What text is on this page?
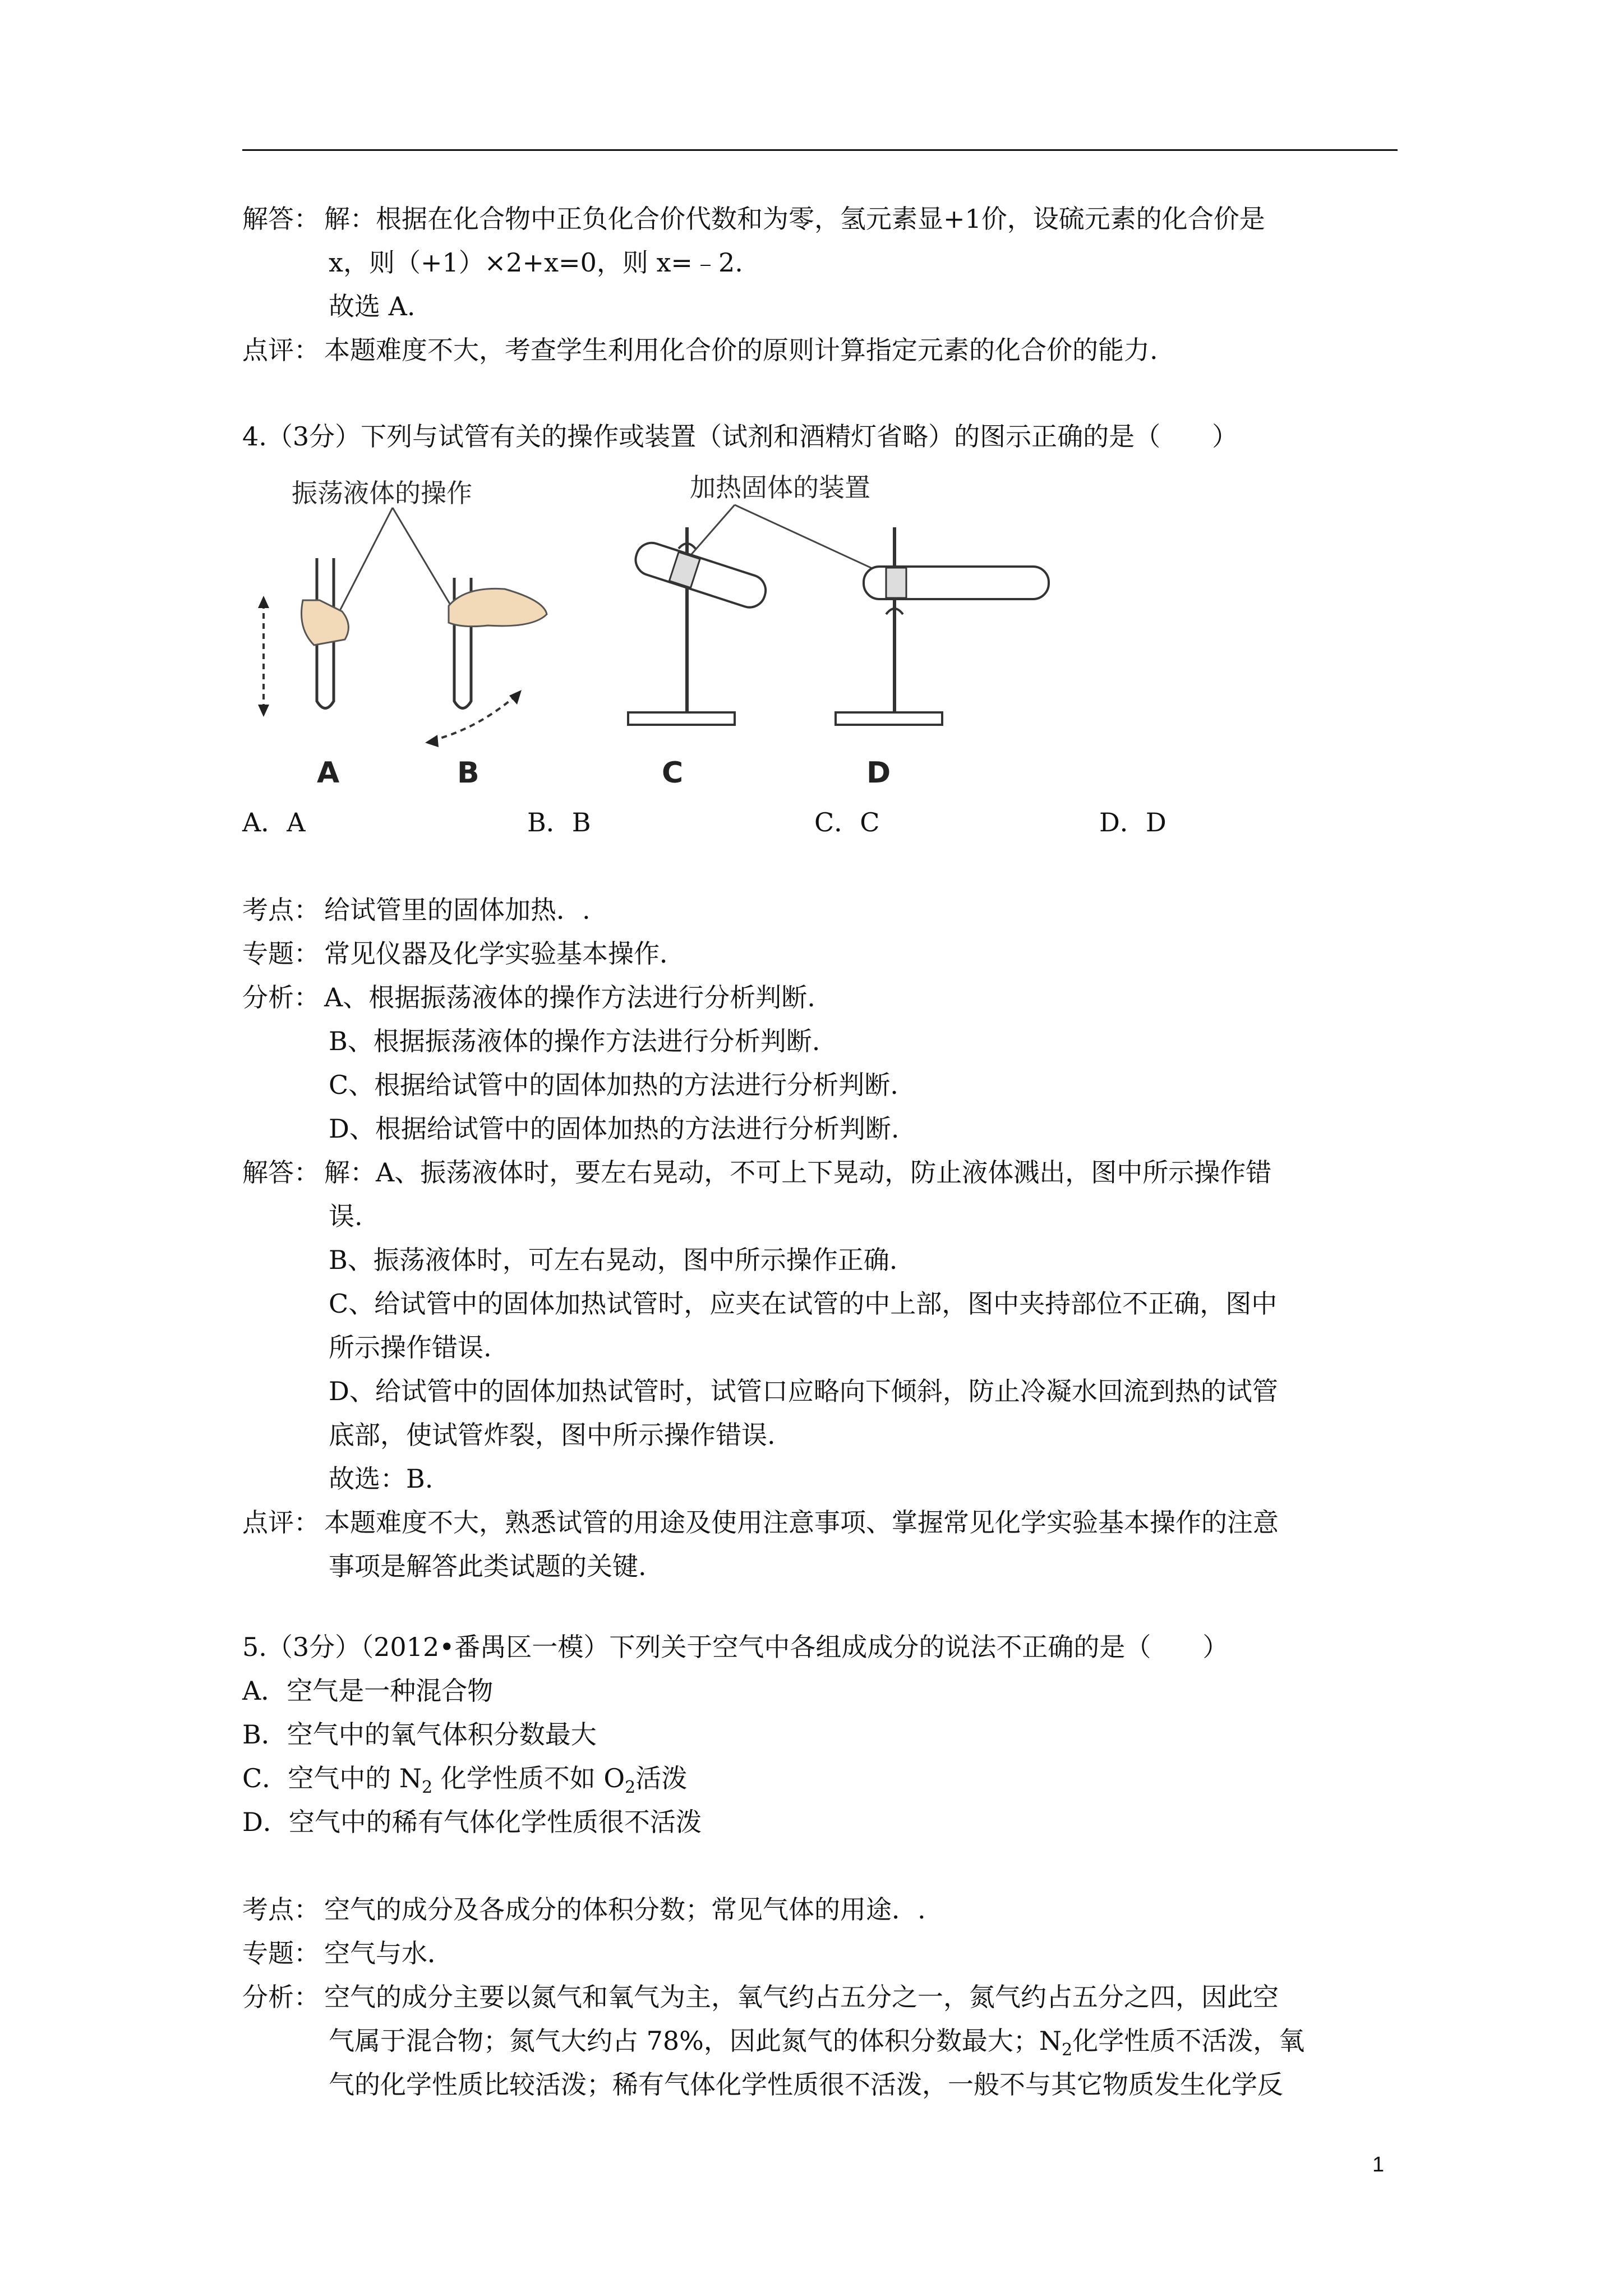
解答： 解：根据在化合物中正负化合价代数和为零，氢元素显+1价，设硫元素的化合价是
x，则（+1）×2+x=0，则 x=﹣2.
故选 A.
点评： 本题难度不大，考查学生利用化合价的原则计算指定元素的化合价的能力.
4.（3分）下列与试管有关的操作或装置（试剂和酒精灯省略）的图示正确的是（　　）
振荡液体的操作	加热固体的装置
A	B	C	D
A．A	B．B	C．C	D．D
考点： 给试管里的固体加热．.
专题： 常见仪器及化学实验基本操作．
分析： A、根据振荡液体的操作方法进行分析判断.
B、根据振荡液体的操作方法进行分析判断.
C、根据给试管中的固体加热的方法进行分析判断.
D、根据给试管中的固体加热的方法进行分析判断.
解答： 解：A、振荡液体时，要左右晃动，不可上下晃动，防止液体溅出，图中所示操作错
误.
B、振荡液体时，可左右晃动，图中所示操作正确.
C、给试管中的固体加热试管时，应夹在试管的中上部，图中夹持部位不正确，图中
所示操作错误.
D、给试管中的固体加热试管时，试管口应略向下倾斜，防止冷凝水回流到热的试管
底部，使试管炸裂，图中所示操作错误.
故选：B.
点评： 本题难度不大，熟悉试管的用途及使用注意事项、掌握常见化学实验基本操作的注意
事项是解答此类试题的关键.
5.（3分）（2012•番禺区一模）下列关于空气中各组成成分的说法不正确的是（　　）
A．空气是一种混合物
B．空气中的氧气体积分数最大
C．空气中的 $N_2$ 化学性质不如 $O_2$活泼
D．空气中的稀有气体化学性质很不活泼
考点： 空气的成分及各成分的体积分数；常见气体的用途．.
专题： 空气与水．
分析： 空气的成分主要以氮气和氧气为主，氧气约占五分之一，氮气约占五分之四，因此空
气属于混合物；氮气大约占 78%，因此氮气的体积分数最大；$N_2$化学性质不活泼，氧
气的化学性质比较活泼；稀有气体化学性质很不活泼，一般不与其它物质发生化学反
1
